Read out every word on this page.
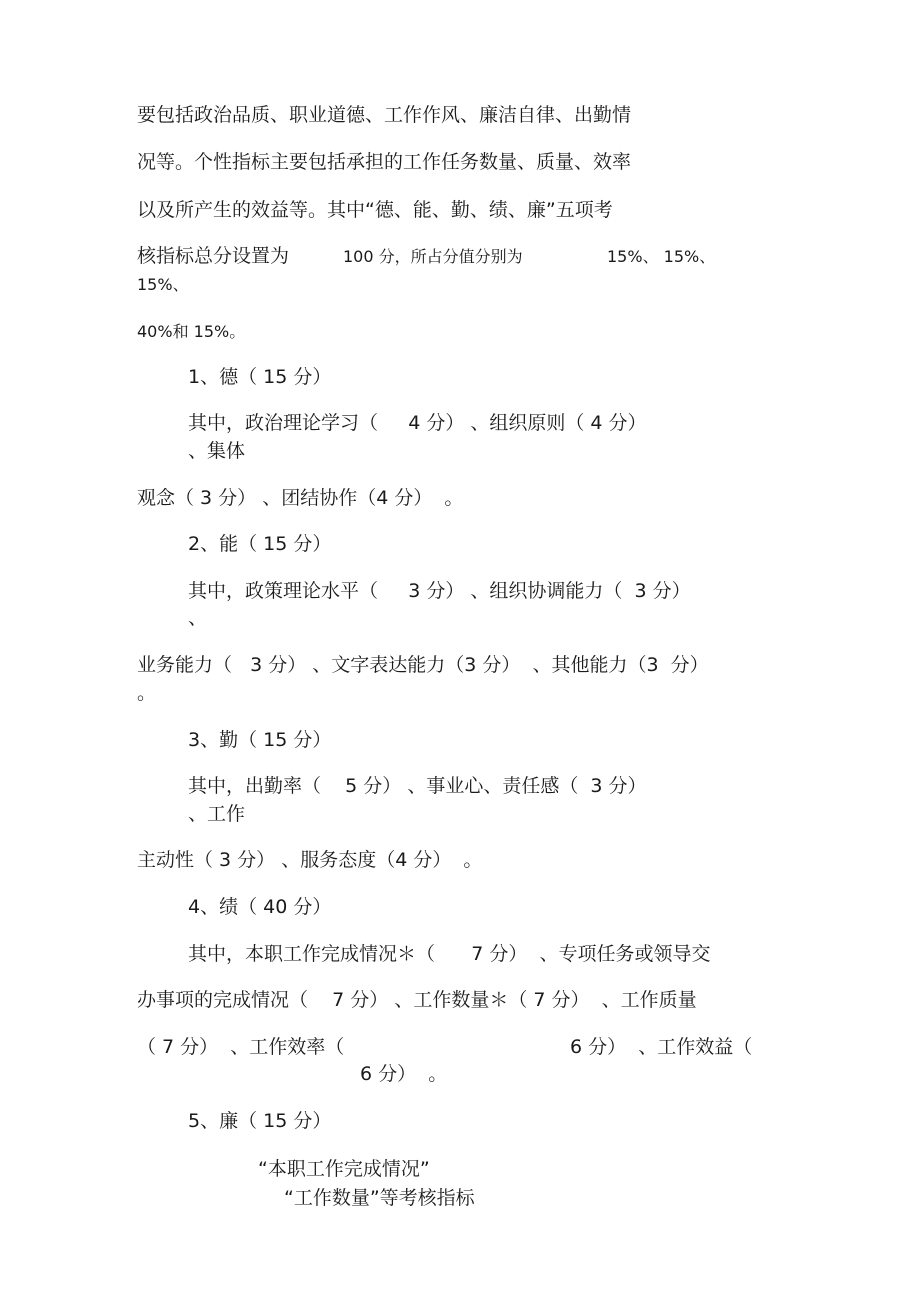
要包括政治品质、职业道德、工作作风、廉洁自律、出勤情
况等。个性指标主要包括承担的工作任务数量、质量、效率
以及所产生的效益等。其中“德、能、勤、绩、廉”五项考
核指标总分设置为	100 分，所占分值分别为	15%、 15%、
15%、
40%和 15%。
1、德（ 15 分）
其中，政治理论学习（     4 分） 、组织原则（ 4 分）
、集体
观念（ 3 分） 、团结协作（4 分）  。
2、能（ 15 分）
其中，政策理论水平（     3 分） 、组织协调能力（  3 分）
、
业务能力（   3 分） 、文字表达能力（3 分）  、其他能力（3  分）
。
3、勤（ 15 分）
其中，出勤率（    5 分） 、事业心、责任感（  3 分）
、工作
主动性（ 3 分） 、服务态度（4 分）  。
4、绩（ 40 分）
其中，本职工作完成情况＊（      7 分）  、专项任务或领导交
办事项的完成情况（    7 分） 、工作数量＊（ 7 分）  、工作质量
（ 7 分）  、工作效率（	6 分）  、工作效益（
6 分）  。
5、廉（ 15 分）
“本职工作完成情况”
“工作数量”等考核指标
